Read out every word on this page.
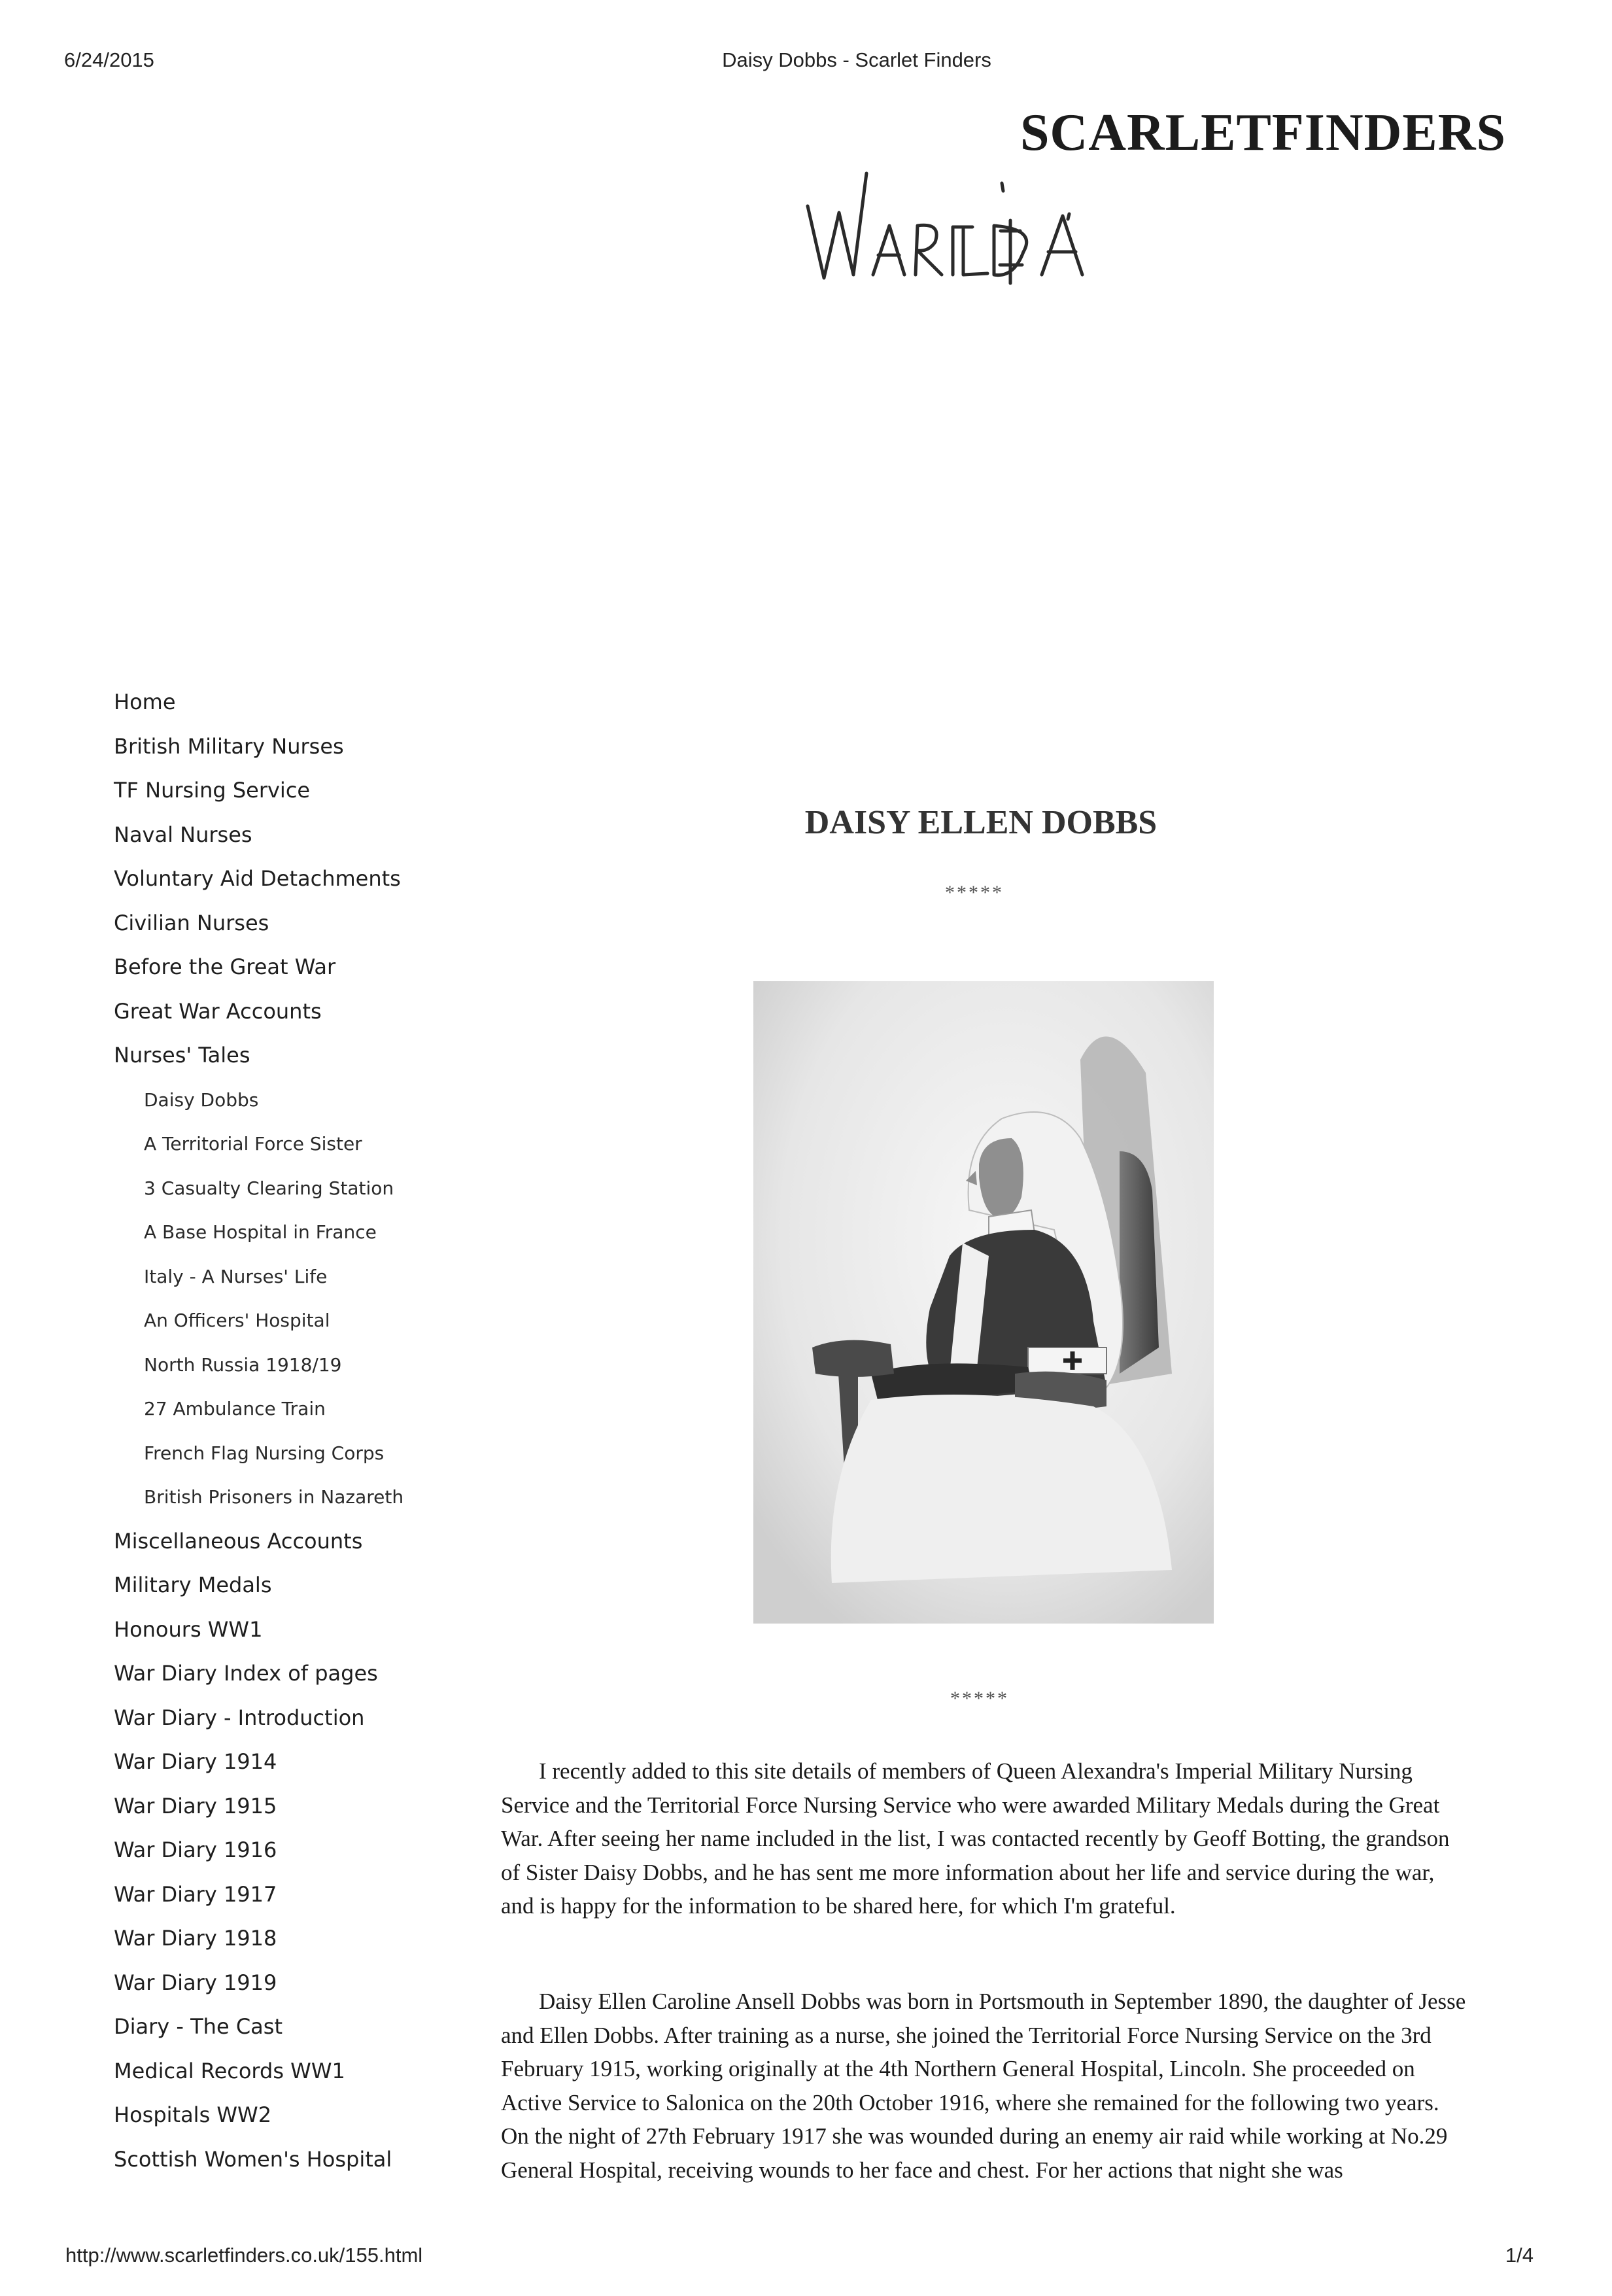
6/24/2015	Daisy Dobbs - Scarlet Finders
SCARLETFINDERS
Home
British Military Nurses
TF Nursing Service
Naval Nurses
Voluntary Aid Detachments
Civilian Nurses
Before the Great War
Great War Accounts
Nurses' Tales
Daisy Dobbs
A Territorial Force Sister
3 Casualty Clearing Station
A Base Hospital in France
Italy - A Nurses' Life
An Officers' Hospital
North Russia 1918/19
27 Ambulance Train
French Flag Nursing Corps
British Prisoners in Nazareth
Miscellaneous Accounts
Military Medals
Honours WW1
War Diary Index of pages
War Diary - Introduction
War Diary 1914
War Diary 1915
War Diary 1916
War Diary 1917
War Diary 1918
War Diary 1919
Diary - The Cast
Medical Records WW1
Hospitals WW2
Scottish Women's Hospital
DAISY ELLEN DOBBS
*****
*****

I recently added to this site details of members of Queen Alexandra's Imperial Military Nursing Service and the Territorial Force Nursing Service who were awarded Military Medals during the Great War. After seeing her name included in the list, I was contacted recently by Geoff Botting, the grandson of Sister Daisy Dobbs, and he has sent me more information about her life and service during the war, and is happy for the information to be shared here, for which I'm grateful.

Daisy Ellen Caroline Ansell Dobbs was born in Portsmouth in September 1890, the daughter of Jesse and Ellen Dobbs. After training as a nurse, she joined the Territorial Force Nursing Service on the 3rd February 1915, working originally at the 4th Northern General Hospital, Lincoln. She proceeded on Active Service to Salonica on the 20th October 1916, where she remained for the following two years. On the night of 27th February 1917 she was wounded during an enemy air raid while working at No.29 General Hospital, receiving wounds to her face and chest. For her actions that night she was

http://www.scarletfinders.co.uk/155.html	1/4
